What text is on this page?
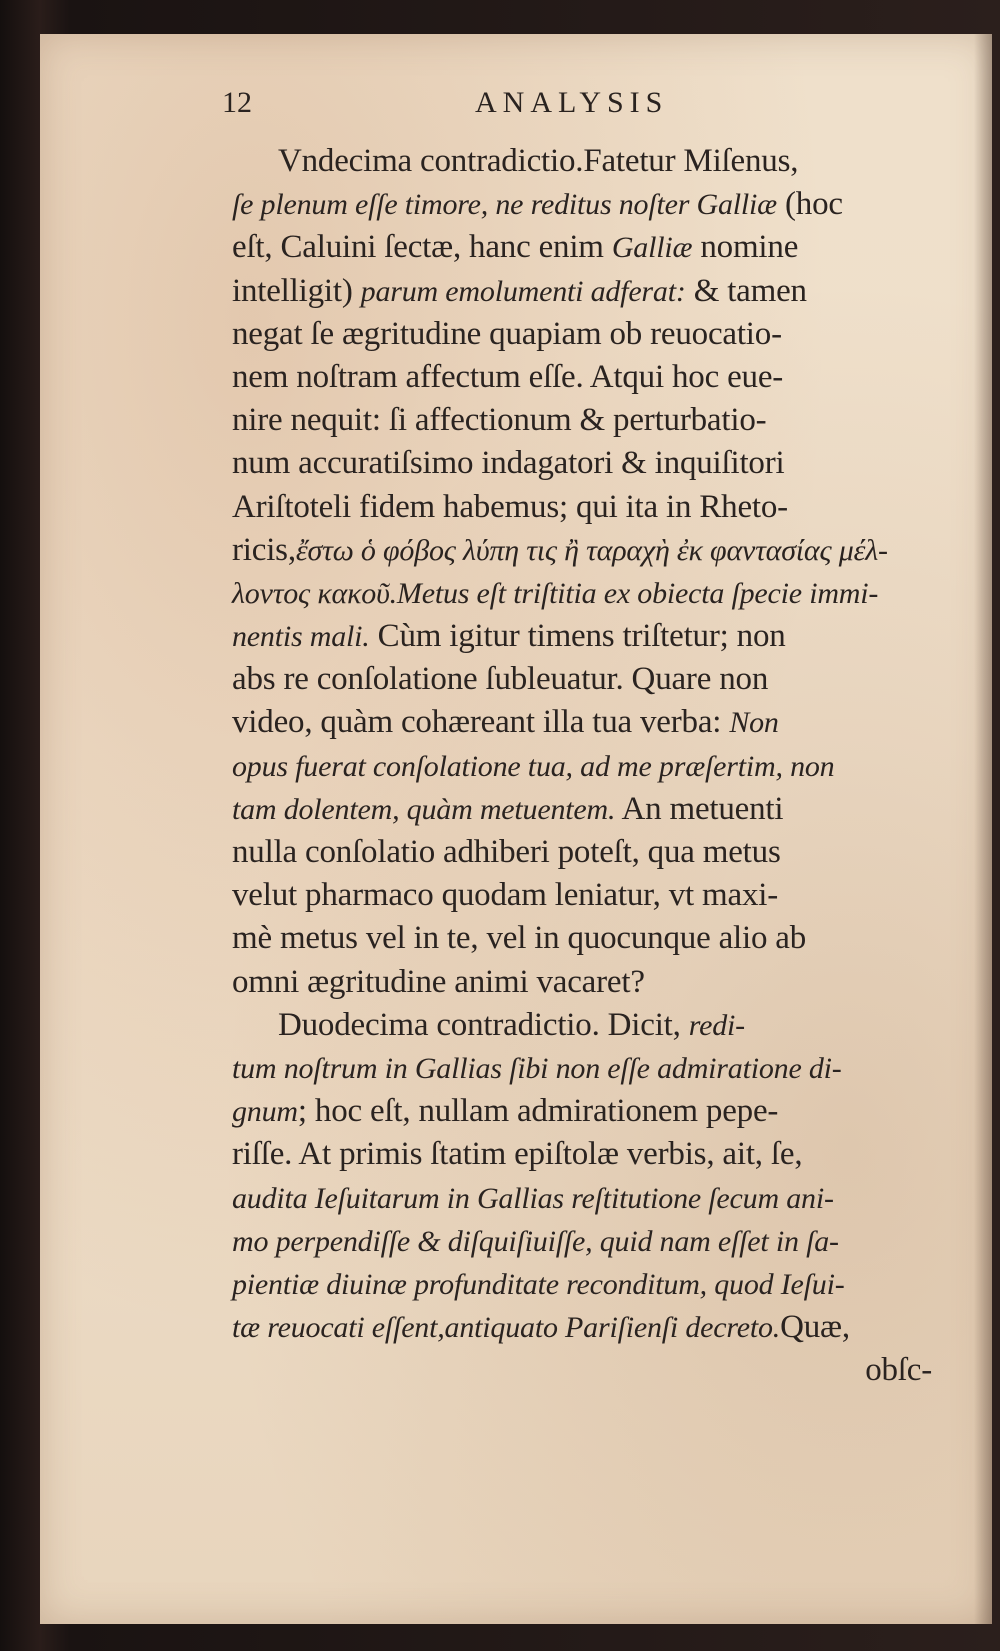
12	ANALYSIS
Vndecima contradictio.Fatetur Miſenus,
ſe plenum eſſe timore, ne reditus noſter Galliæ (hoc
eſt, Caluini ſectæ, hanc enim Galliæ nomine
intelligit) parum emolumenti adferat: & tamen
negat ſe ægritudine quapiam ob reuocatio-
nem noſtram affectum eſſe. Atqui hoc eue-
nire nequit: ſi affectionum & perturbatio-
num accuratiſsimo indagatori & inquiſitori
Ariſtoteli fidem habemus; qui ita in Rheto-
ricis,ἔστω ὁ φόβος λύπη τις ἢ ταραχὴ ἐκ φαντασίας μέλ-
λοντος κακοῦ.Metus eſt triſtitia ex obiecta ſpecie immi-
nentis mali. Cùm igitur timens triſtetur; non
abs re conſolatione ſubleuatur. Quare non
video, quàm cohæreant illa tua verba: Non
opus fuerat conſolatione tua, ad me præſertim, non
tam dolentem, quàm metuentem. An metuenti
nulla conſolatio adhiberi poteſt, qua metus
velut pharmaco quodam leniatur, vt maxi-
mè metus vel in te, vel in quocunque alio ab
omni ægritudine animi vacaret?
Duodecima contradictio. Dicit, redi-
tum noſtrum in Gallias ſibi non eſſe admiratione di-
gnum; hoc eſt, nullam admirationem pepe-
riſſe. At primis ſtatim epiſtolæ verbis, ait, ſe,
audita Ieſuitarum in Gallias reſtitutione ſecum ani-
mo perpendiſſe & diſquiſiuiſſe, quid nam eſſet in ſa-
pientiæ diuinæ profunditate reconditum, quod Ieſui-
tæ reuocati eſſent,antiquato Pariſienſi decreto.Quæ,
obſc-
